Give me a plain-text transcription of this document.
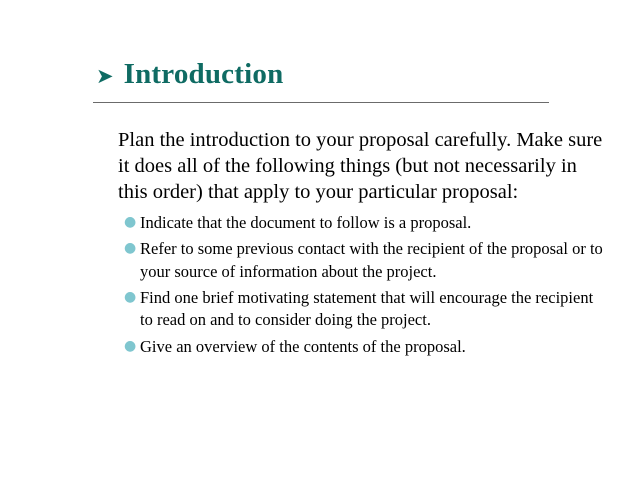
➤ Introduction

Plan the introduction to your proposal carefully. Make sure it does all of the following things (but not necessarily in this order) that apply to your particular proposal:

● Indicate that the document to follow is a proposal.
● Refer to some previous contact with the recipient of the proposal or to your source of information about the project.
● Find one brief motivating statement that will encourage the recipient to read on and to consider doing the project.
● Give an overview of the contents of the proposal.
